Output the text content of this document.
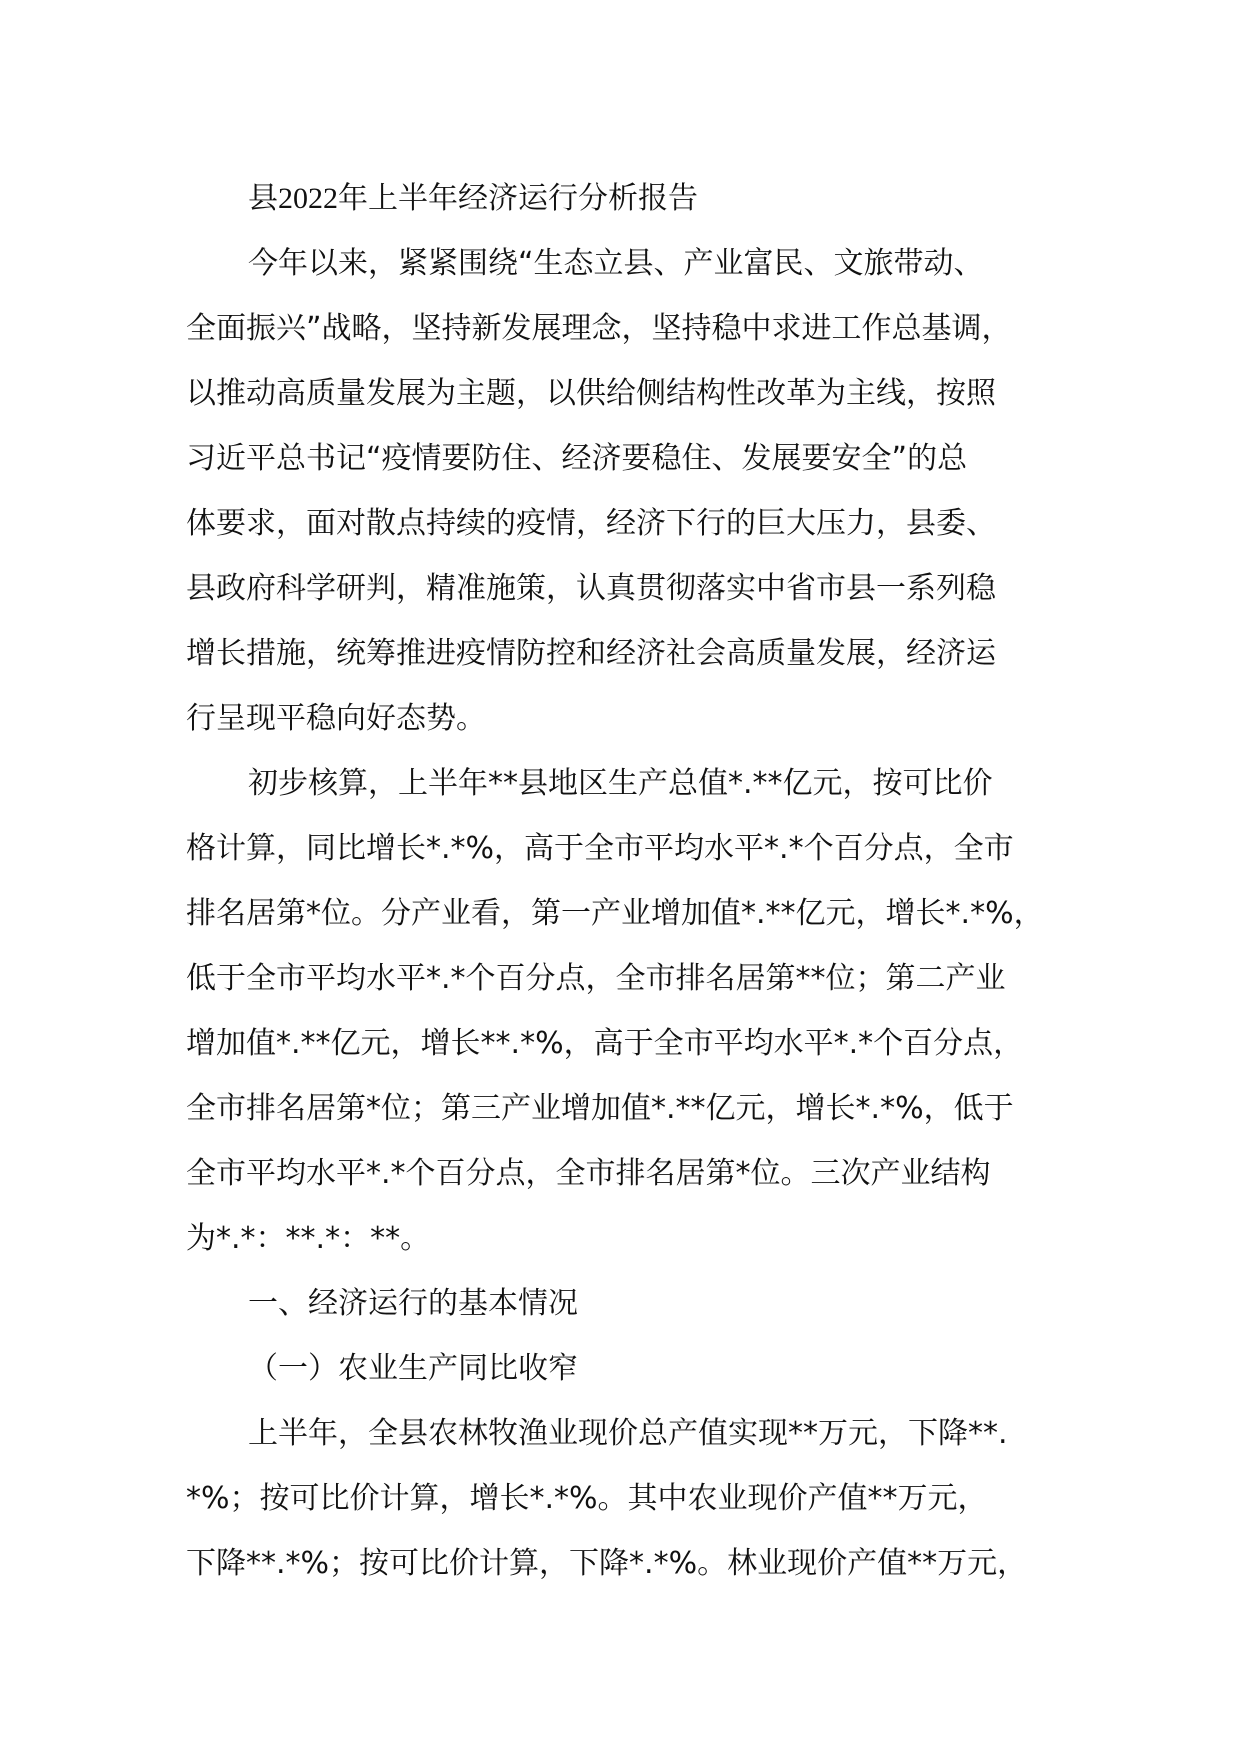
县2022年上半年经济运行分析报告
今年以来，紧紧围绕“生态立县、产业富民、文旅带动、
全面振兴”战略，坚持新发展理念，坚持稳中求进工作总基调，
以推动高质量发展为主题，以供给侧结构性改革为主线，按照
习近平总书记“疫情要防住、经济要稳住、发展要安全”的总
体要求，面对散点持续的疫情，经济下行的巨大压力，县委、
县政府科学研判，精准施策，认真贯彻落实中省市县一系列稳
增长措施，统筹推进疫情防控和经济社会高质量发展，经济运
行呈现平稳向好态势。
初步核算，上半年**县地区生产总值*.**亿元，按可比价
格计算，同比增长*.*%，高于全市平均水平*.*个百分点，全市
排名居第*位。分产业看，第一产业增加值*.**亿元，增长*.*%，
低于全市平均水平*.*个百分点，全市排名居第**位；第二产业
增加值*.**亿元，增长**.*%，高于全市平均水平*.*个百分点，
全市排名居第*位；第三产业增加值*.**亿元，增长*.*%，低于
全市平均水平*.*个百分点，全市排名居第*位。三次产业结构
为*.*：**.*：**。
一、经济运行的基本情况
（一）农业生产同比收窄
上半年，全县农林牧渔业现价总产值实现**万元，下降**.
*%；按可比价计算，增长*.*%。其中农业现价产值**万元，
下降**.*%；按可比价计算，下降*.*%。林业现价产值**万元，
